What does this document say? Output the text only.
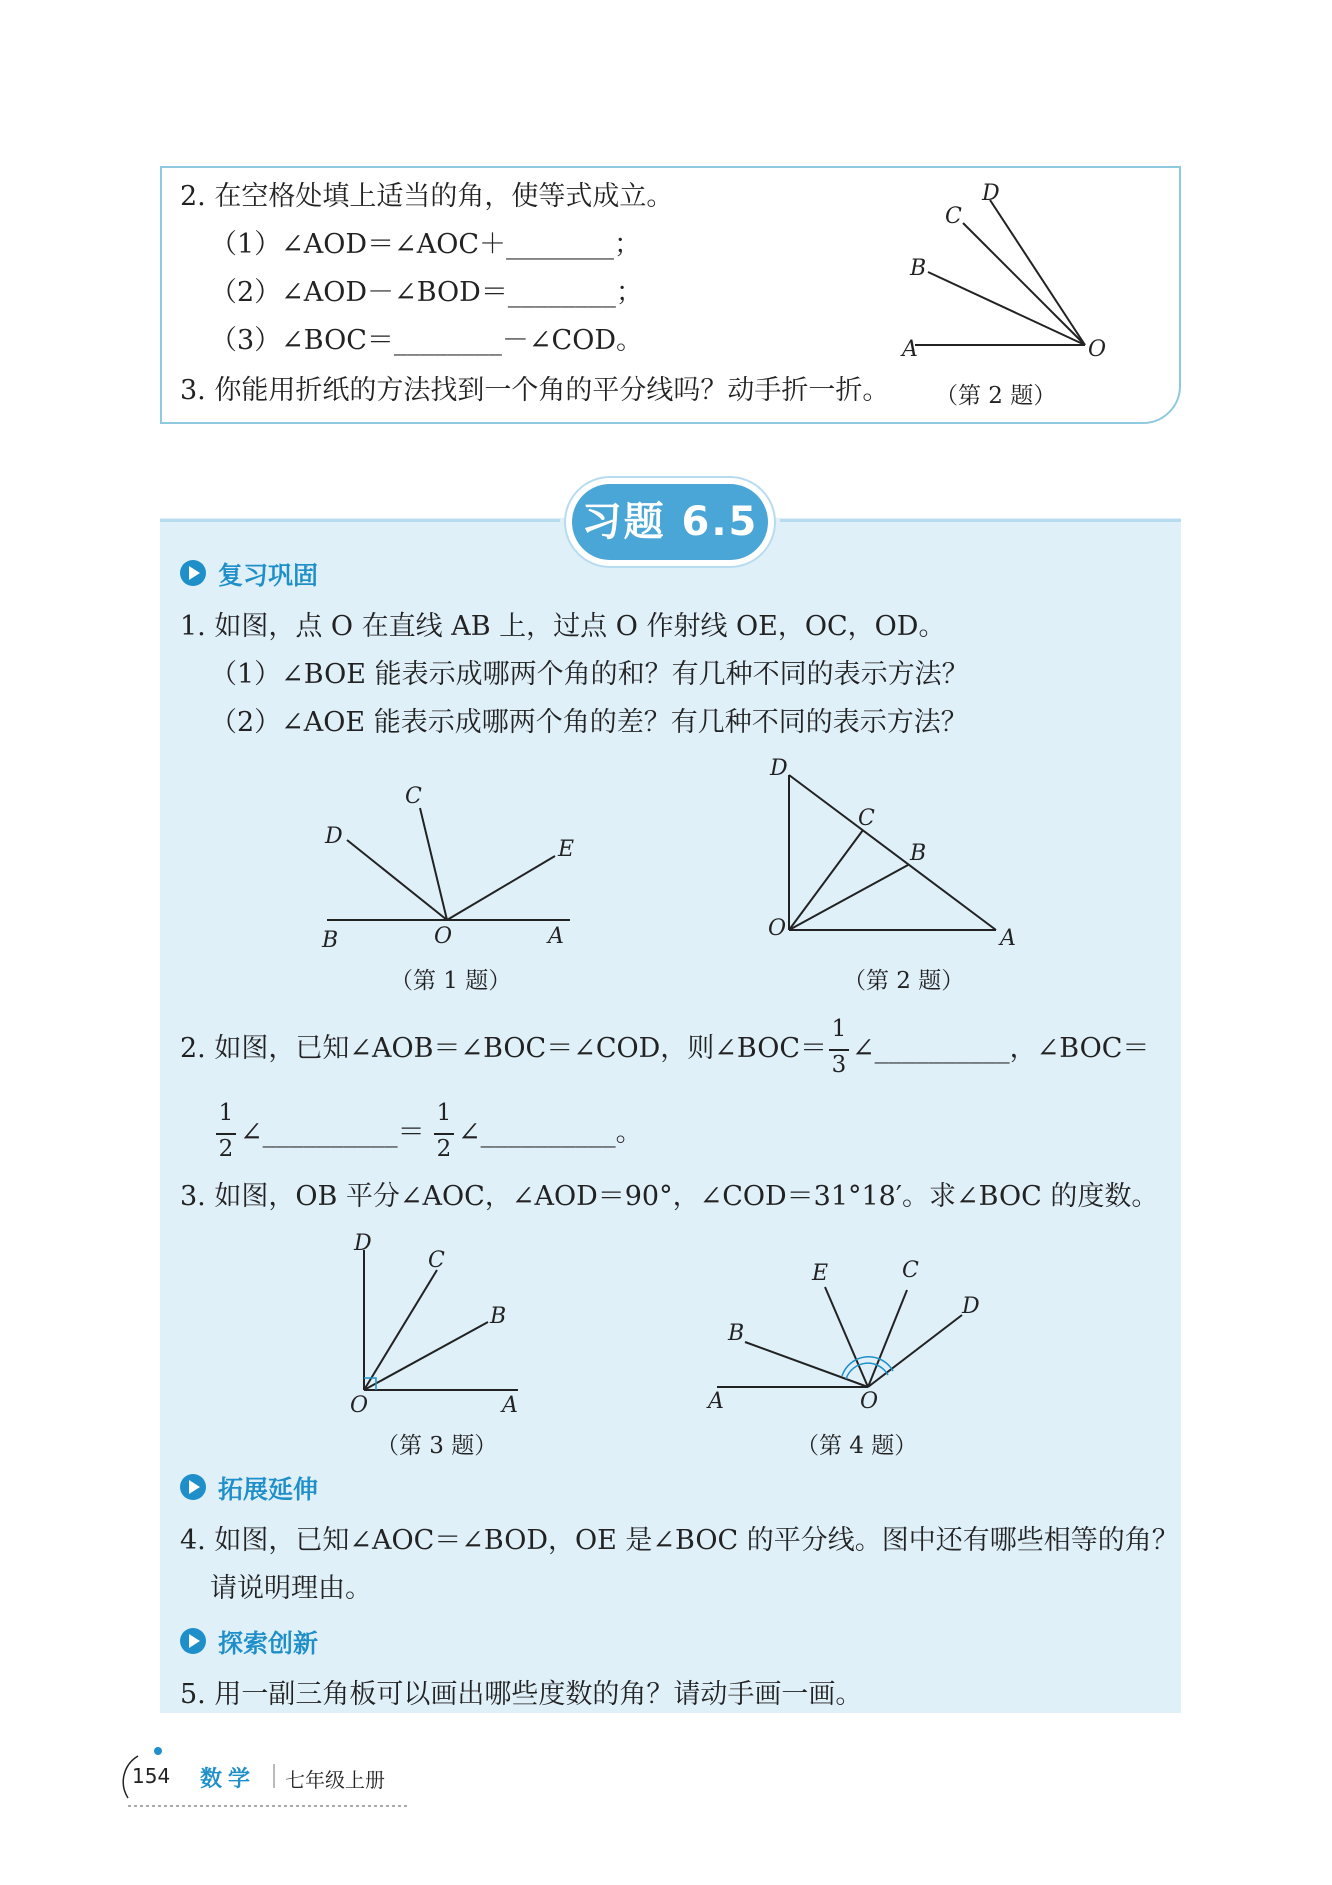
2. 在空格处填上适当的角，使等式成立。
（1）∠AOD＝∠AOC＋________；
（2）∠AOD－∠BOD＝________；
（3）∠BOC＝________－∠COD。
3. 你能用折纸的方法找到一个角的平分线吗？动手折一折。 （第 2 题）
A
B
C
D
O
习题 6.5
复习巩固
1. 如图，点 O 在直线 AB 上，过点 O 作射线 OE，OC，OD。
（1）∠BOE 能表示成哪两个角的和？有几种不同的表示方法？
（2）∠AOE 能表示成哪两个角的差？有几种不同的表示方法？
B	O	A
D
C
E
（第 1 题）
D
C
B
O	A
（第 2 题）
2. 如图，已知∠AOB＝∠BOC＝∠COD，则∠BOC＝
1
3
∠__________，∠BOC＝
1
2
∠__________＝
1
2
∠__________。
3. 如图，OB 平分∠AOC，∠AOD＝90°，∠COD＝31°18′。求∠BOC 的度数。
D
C
B
O	A
（第 3 题）
A	O
B
E	C
D
（第 4 题）
拓展延伸
4. 如图，已知∠AOC＝∠BOD，OE 是∠BOC 的平分线。图中还有哪些相等的角？
请说明理由。
探索创新
5. 用一副三角板可以画出哪些度数的角？请动手画一画。
154 数学 七年级上册
